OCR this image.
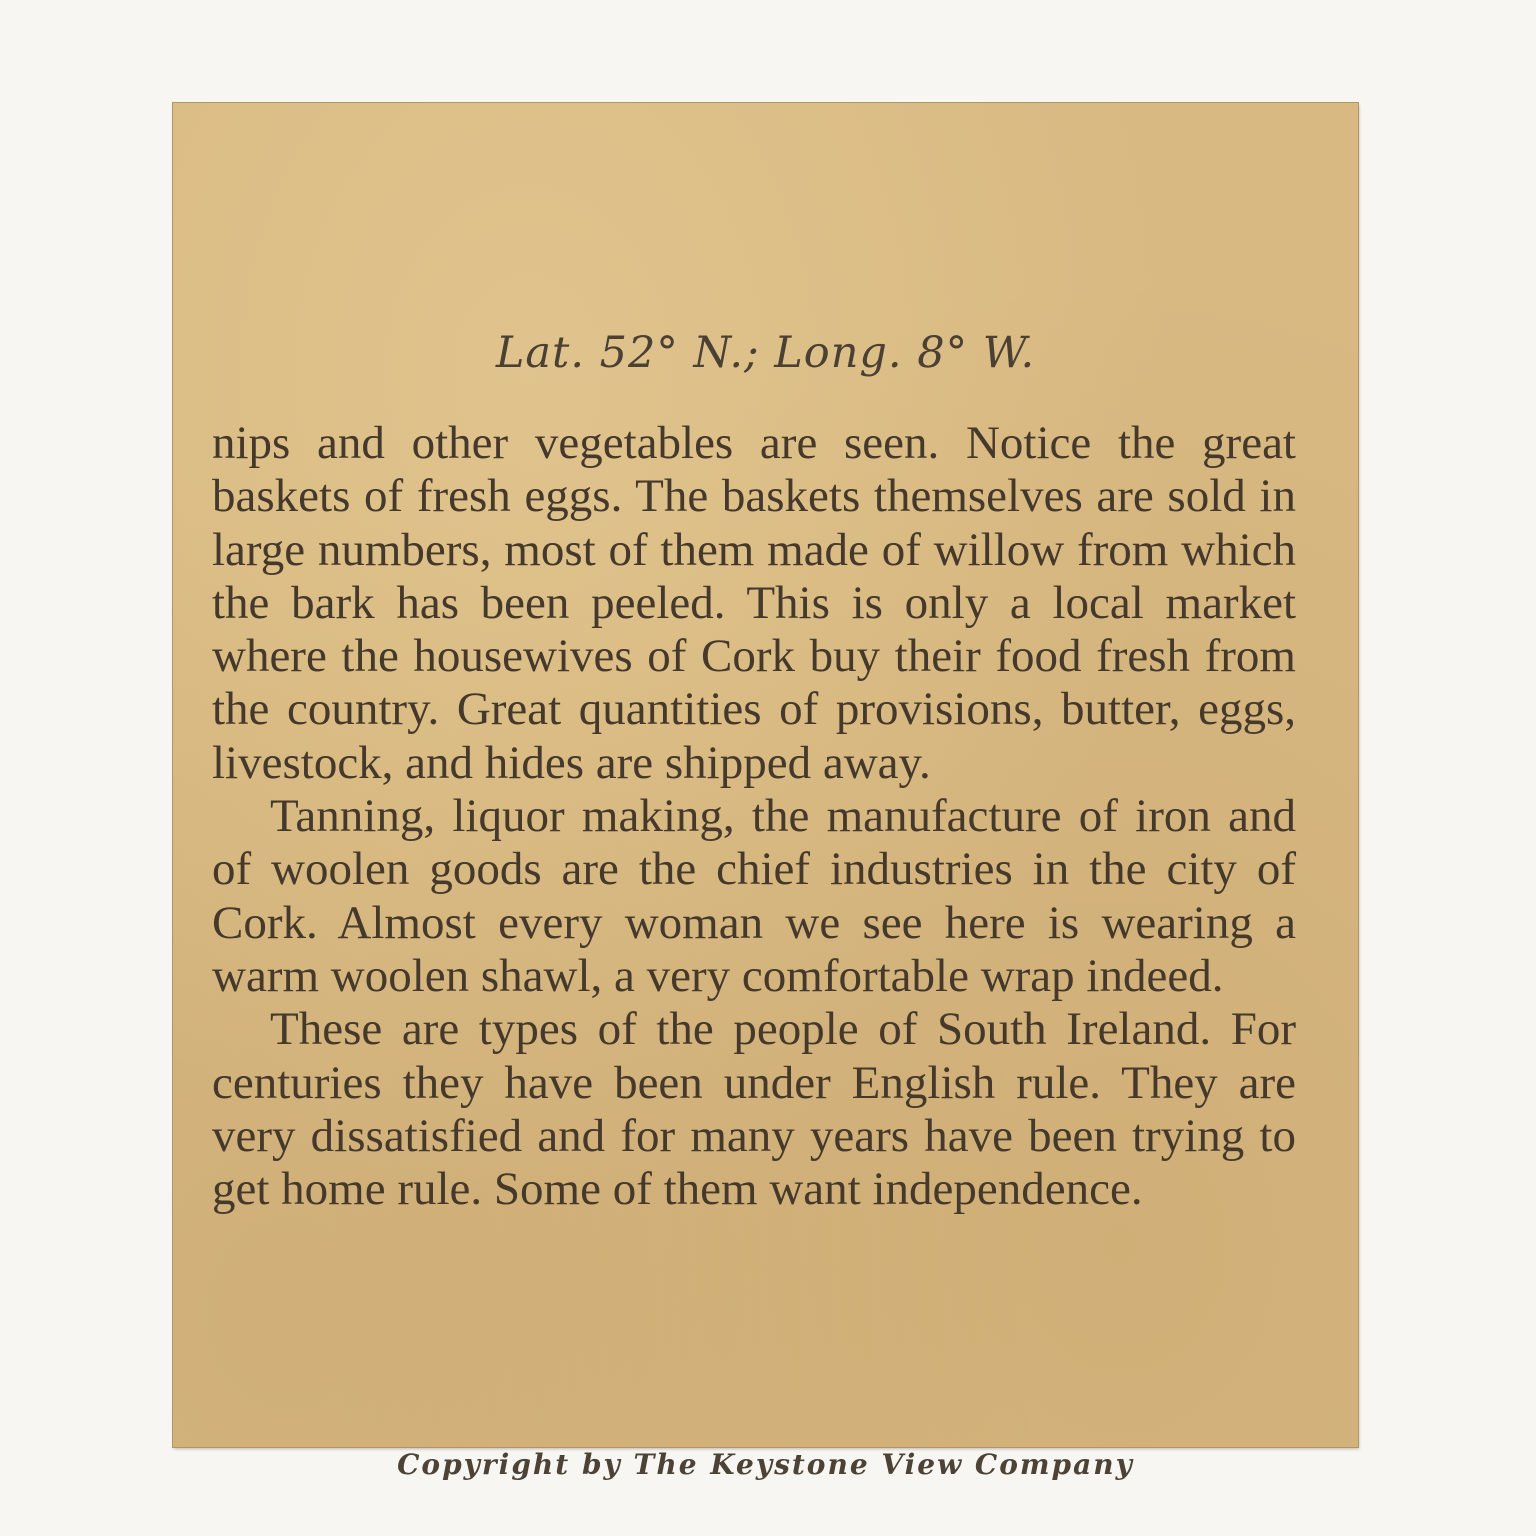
Lat. 52° N.; Long. 8° W.

nips and other vegetables are seen. Notice the great baskets of fresh eggs. The baskets themselves are sold in large numbers, most of them made of willow from which the bark has been peeled. This is only a local market where the housewives of Cork buy their food fresh from the country. Great quantities of provisions, butter, eggs, livestock, and hides are shipped away.

Tanning, liquor making, the manufacture of iron and of woolen goods are the chief industries in the city of Cork. Almost every woman we see here is wearing a warm woolen shawl, a very comfortable wrap indeed.

These are types of the people of South Ireland. For centuries they have been under English rule. They are very dissatisfied and for many years have been trying to get home rule. Some of them want independence.

Copyright by The Keystone View Company
